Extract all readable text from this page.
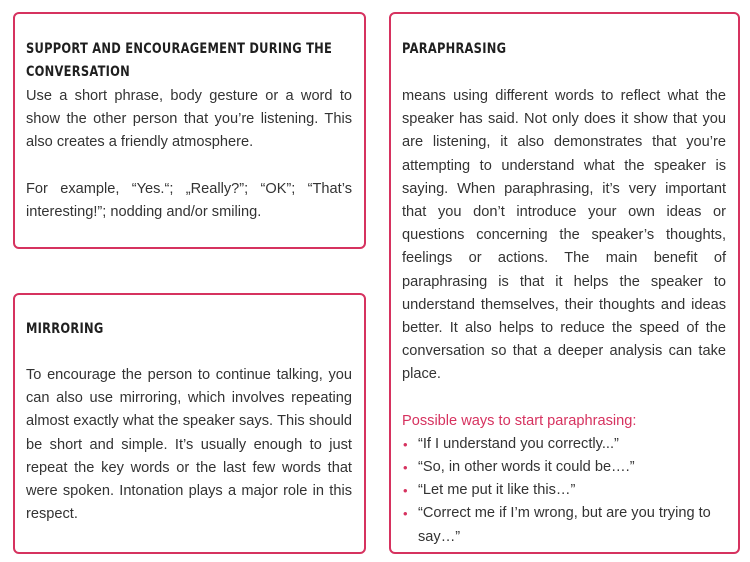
SUPPORT AND ENCOURAGEMENT DURING THE
CONVERSATION

Use a short phrase, body gesture or a word to show the other person that you’re listening. This also creates a friendly atmosphere.

For example, “Yes.“; „Really?”; “OK”; “That’s interesting!”; nodding and/or smiling.

MIRRORING

To encourage the person to continue talking, you can also use mirroring, which involves repeating almost exactly what the speaker says. This should be short and simple. It’s usually enough to just repeat the key words or the last few words that were spoken. Intonation plays a major role in this respect.

PARAPHRASING

means using different words to reflect what the speaker has said. Not only does it show that you are listening, it also demonstrates that you’re attempting to understand what the speaker is saying. When paraphrasing, it’s very important that you don’t introduce your own ideas or questions concerning the speaker’s thoughts, feelings or actions. The main benefit of paraphrasing is that it helps the speaker to understand themselves, their thoughts and ideas better. It also helps to reduce the speed of the conversation so that a deeper analysis can take place.

Possible ways to start paraphrasing:

• “If I understand you correctly...”
• “So, in other words it could be….”
• “Let me put it like this…”
• “Correct me if I’m wrong, but are you trying to say…”
